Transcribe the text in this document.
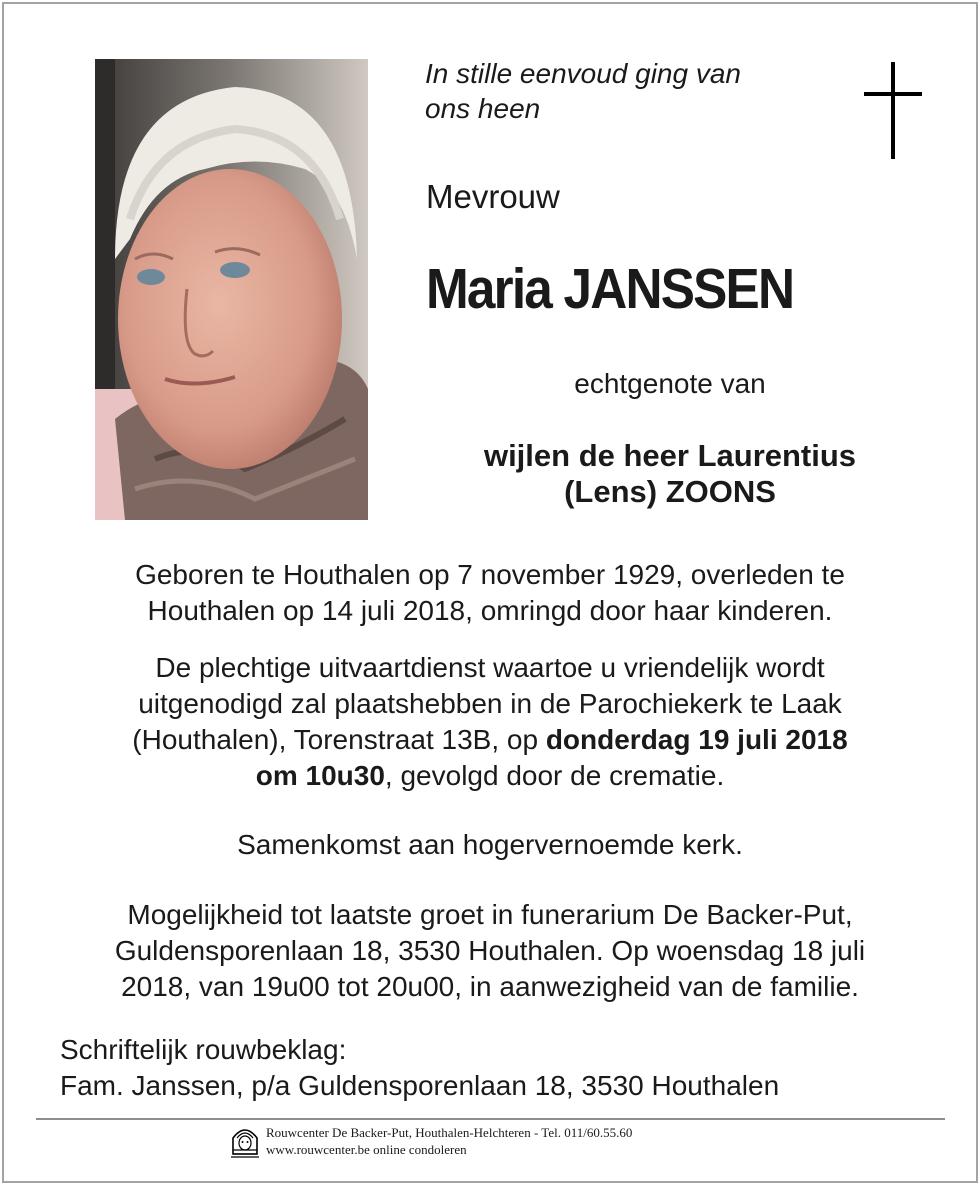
In stille eenvoud ging van
ons heen
Mevrouw
Maria JANSSEN
echtgenote van
wijlen de heer Laurentius
(Lens) ZOONS
Geboren te Houthalen op 7 november 1929, overleden te
Houthalen op 14 juli 2018, omringd door haar kinderen.
De plechtige uitvaartdienst waartoe u vriendelijk wordt
uitgenodigd zal plaatshebben in de Parochiekerk te Laak
(Houthalen), Torenstraat 13B, op donderdag 19 juli 2018
om 10u30, gevolgd door de crematie.
Samenkomst aan hogervernoemde kerk.
Mogelijkheid tot laatste groet in funerarium De Backer-Put,
Guldensporenlaan 18, 3530 Houthalen. Op woensdag 18 juli
2018, van 19u00 tot 20u00, in aanwezigheid van de familie.
Schriftelijk rouwbeklag:
Fam. Janssen, p/a Guldensporenlaan 18, 3530 Houthalen
Rouwcenter De Backer-Put, Houthalen-Helchteren - Tel. 011/60.55.60
www.rouwcenter.be online condoleren
